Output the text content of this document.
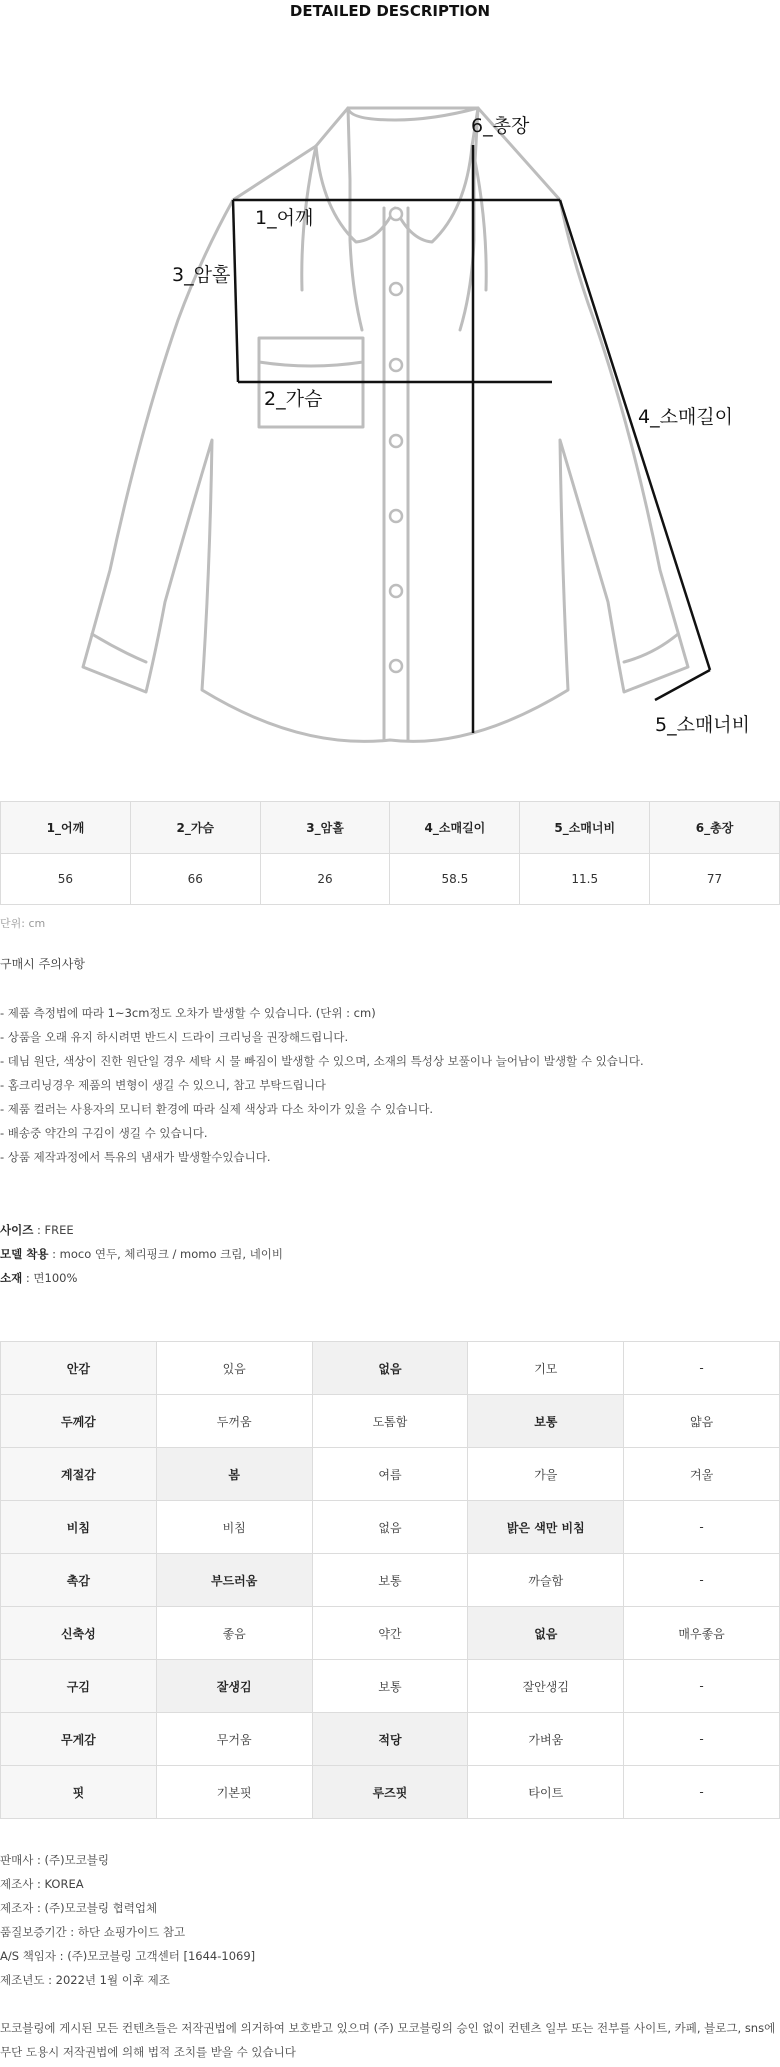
DETAILED DESCRIPTION
1_어깨
2_가슴
3_암홀
4_소매길이
5_소매너비
6_총장
1_어깨	2_가슴	3_암홀	4_소매길이	5_소매너비	6_총장
56	66	26	58.5	11.5	77
단위: cm
구매시 주의사항
- 제품 측정법에 따라 1~3cm정도 오차가 발생할 수 있습니다. (단위 : cm)
- 상품을 오래 유지 하시려면 반드시 드라이 크리닝을 권장해드립니다.
- 데님 원단, 색상이 진한 원단일 경우 세탁 시 물 빠짐이 발생할 수 있으며, 소재의 특성상 보풀이나 늘어남이 발생할 수 있습니다.
- 홈크리닝경우 제품의 변형이 생길 수 있으니, 참고 부탁드립니다
- 제품 컬러는 사용자의 모니터 환경에 따라 실제 색상과 다소 차이가 있을 수 있습니다.
- 배송중 약간의 구김이 생길 수 있습니다.
- 상품 제작과정에서 특유의 냄새가 발생할수있습니다.
사이즈 : FREE
모델 착용 : moco 연두, 체리핑크 / momo 크림, 네이비
소재 : 면100%
안감	있음	없음	기모	-
두께감	두꺼움	도톰함	보통	얇음
계절감	봄	여름	가을	겨울
비침	비침	없음	밝은 색만 비침	-
촉감	부드러움	보통	까슬함	-
신축성	좋음	약간	없음	매우좋음
구김	잘생김	보통	잘안생김	-
무게감	무거움	적당	가벼움	-
핏	기본핏	루즈핏	타이트	-
판매사 : (주)모코블링
제조사 : KOREA
제조자 : (주)모코블링 협력업체
품질보증기간 : 하단 쇼핑가이드 참고
A/S 책임자 : (주)모코블링 고객센터 [1644-1069]
제조년도 : 2022년 1월 이후 제조
모코블링에 게시된 모든 컨텐츠들은 저작권법에 의거하여 보호받고 있으며 (주) 모코블링의 승인 없이 컨텐츠 일부 또는 전부를 사이트, 카페, 블로그, sns에 무단 도용시 저작권법에 의해 법적 조치를 받을 수 있습니다
